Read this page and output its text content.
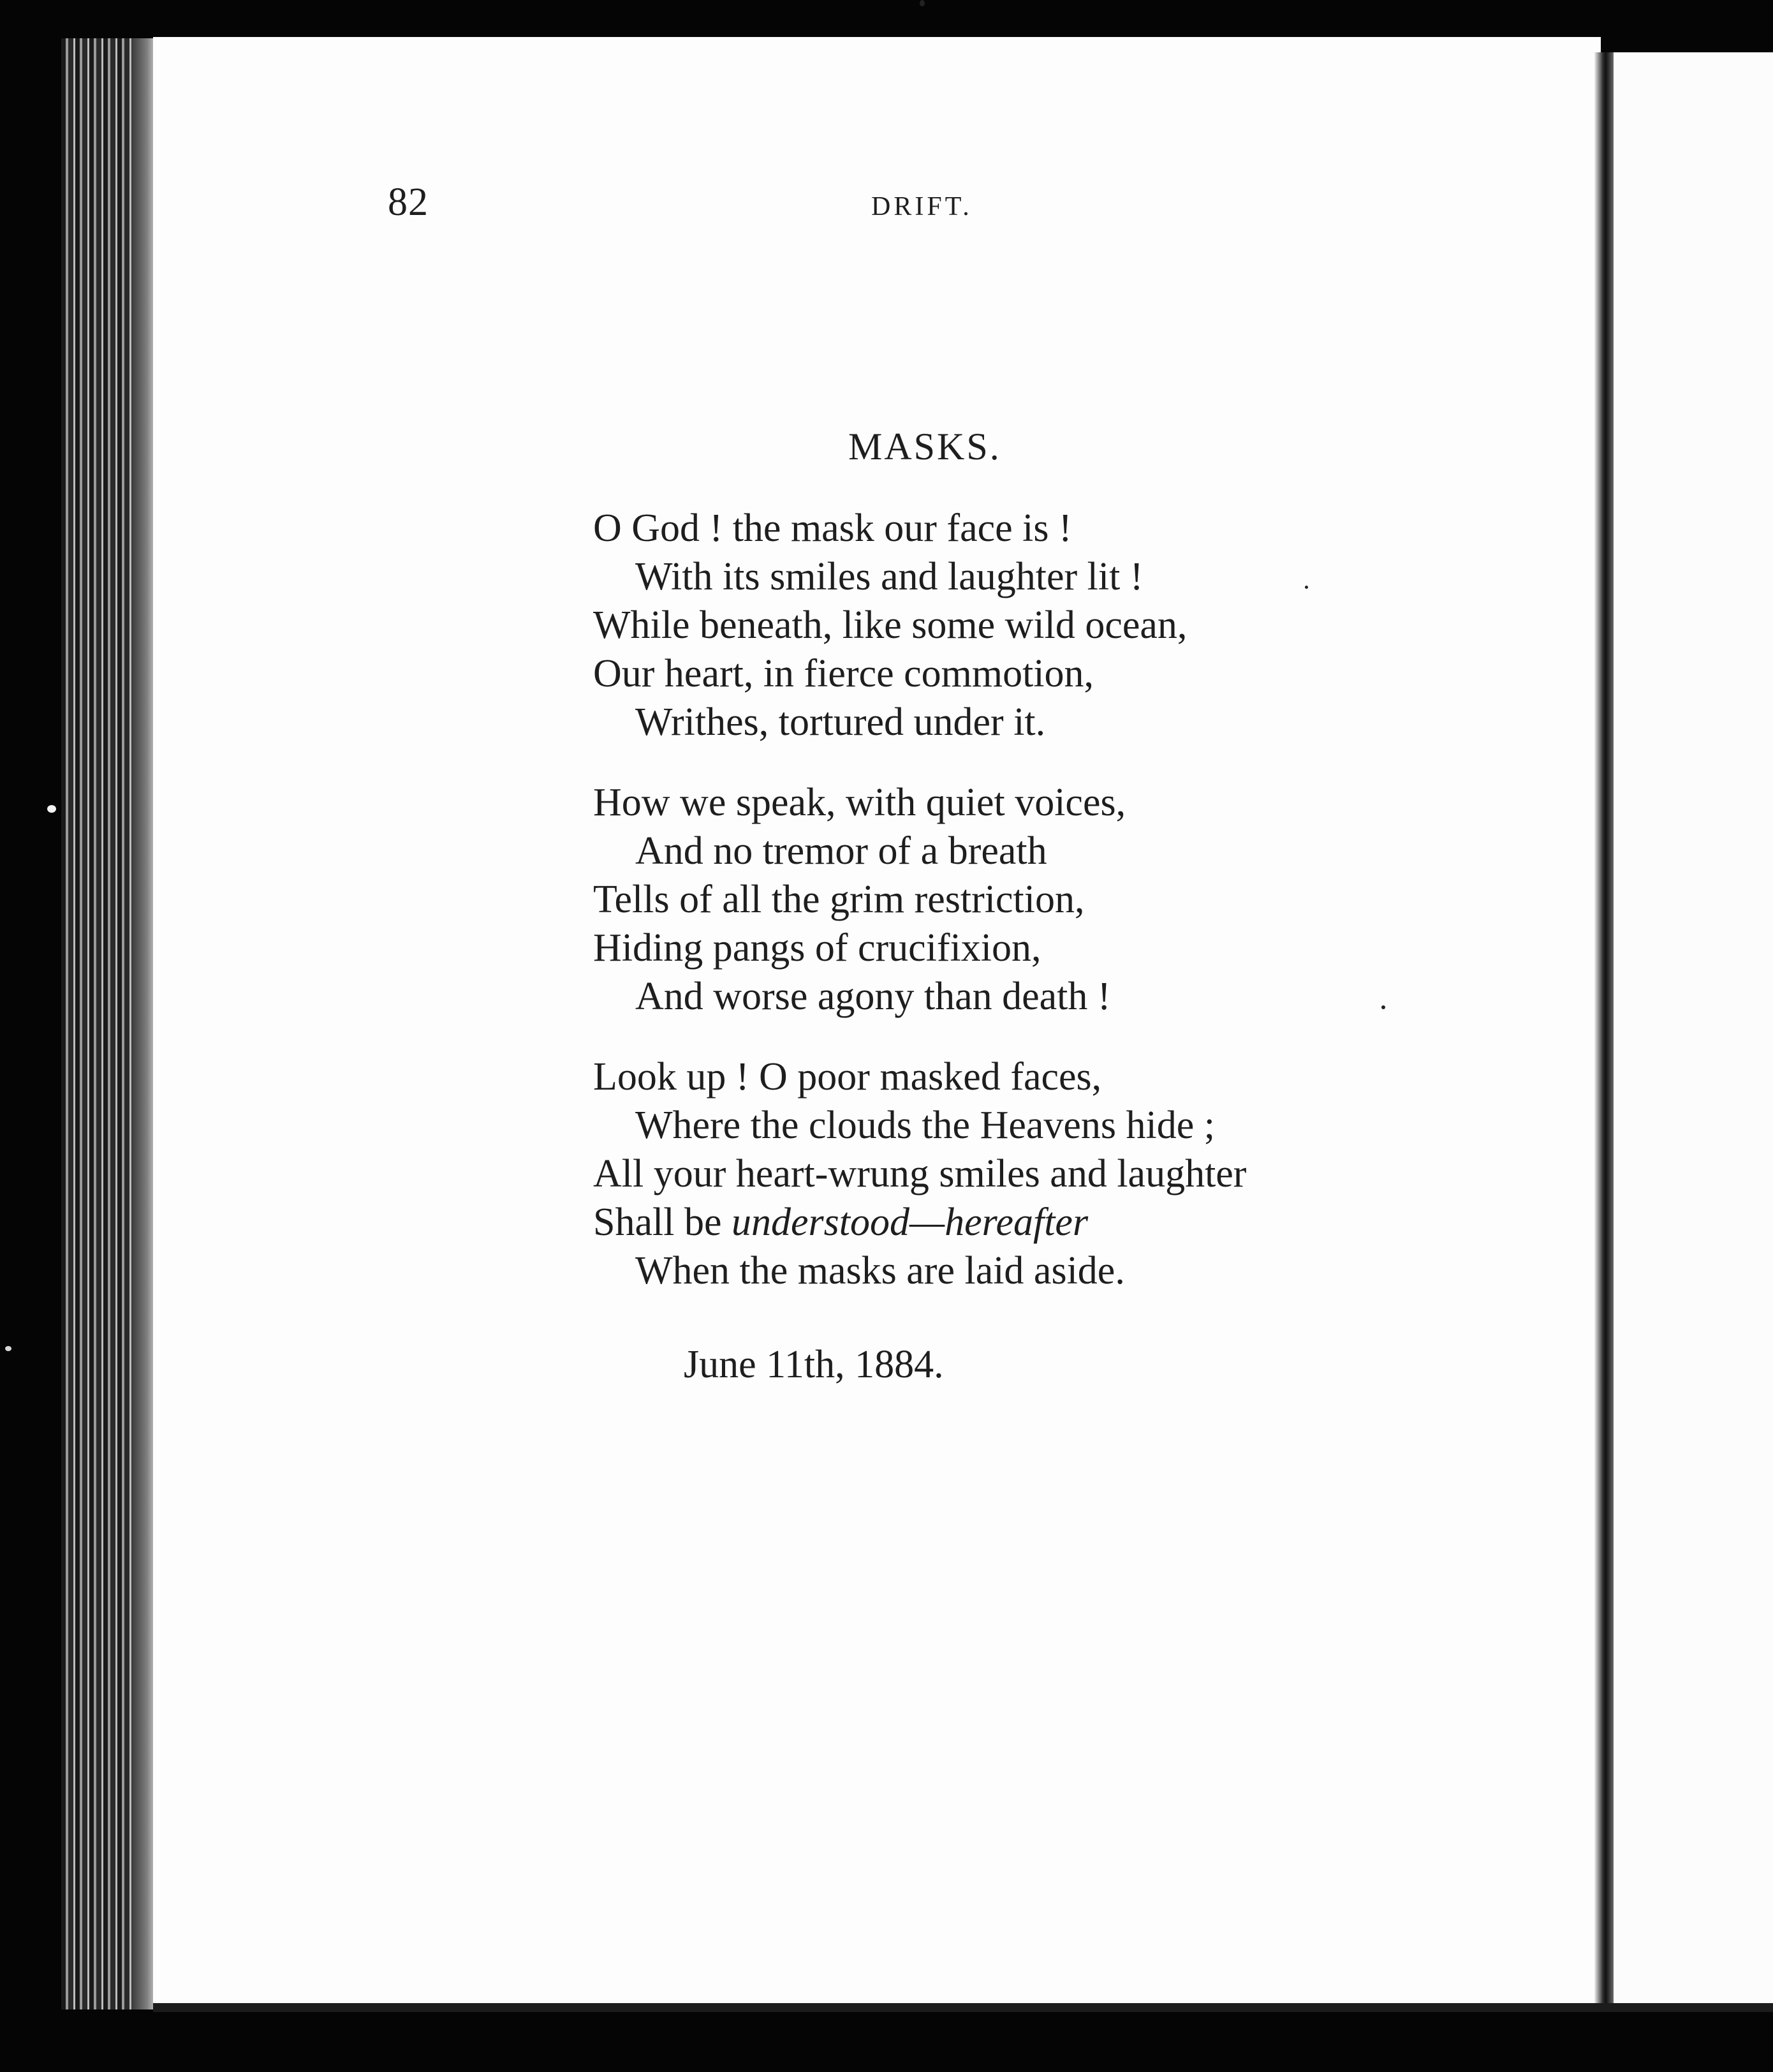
82	DRIFT.
MASKS.
O God ! the mask our face is !
With its smiles and laughter lit !
While beneath, like some wild ocean,
Our heart, in fierce commotion,
Writhes, tortured under it.
How we speak, with quiet voices,
And no tremor of a breath
Tells of all the grim restriction,
Hiding pangs of crucifixion,
And worse agony than death !
Look up ! O poor masked faces,
Where the clouds the Heavens hide ;
All your heart-wrung smiles and laughter
Shall be understood—hereafter
When the masks are laid aside.
June 11th, 1884.
